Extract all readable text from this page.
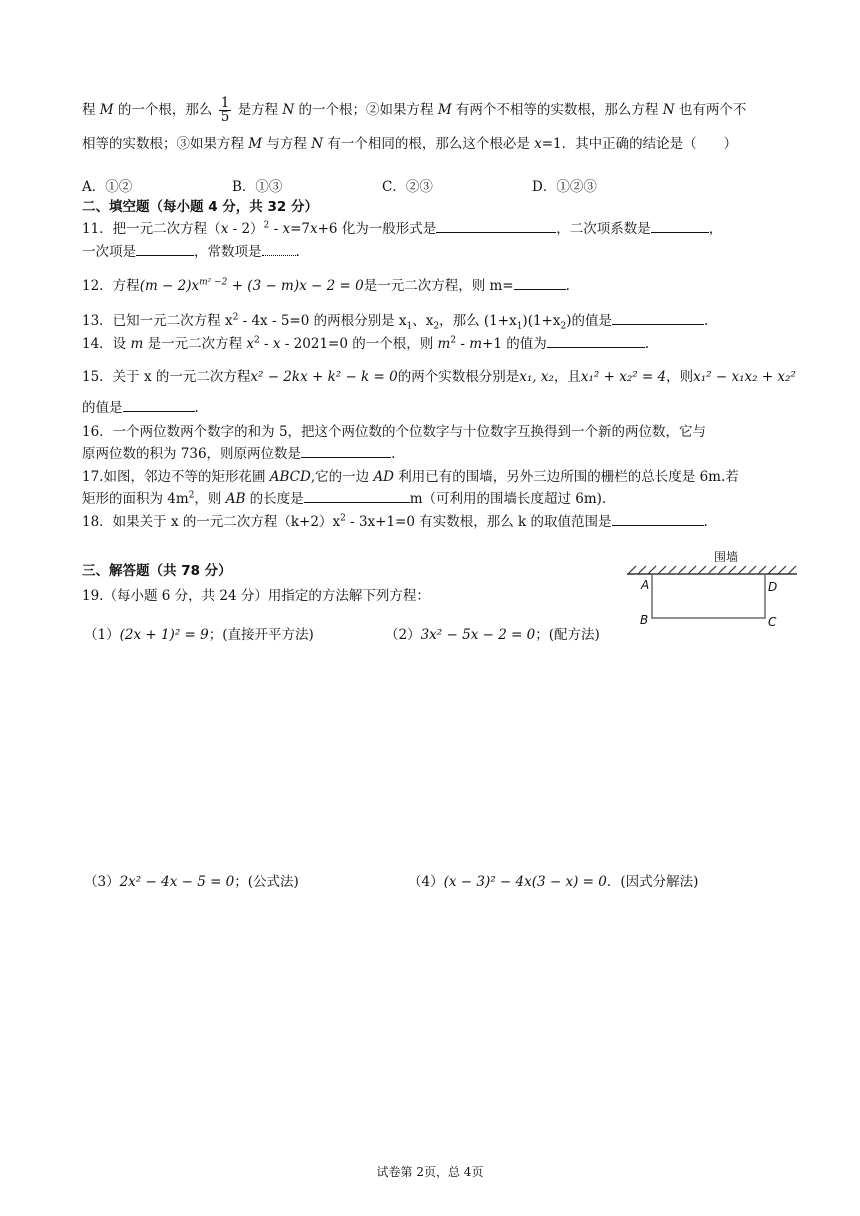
程 M 的一个根，那么 $\frac{1}{5}$ 是方程 N 的一个根；②如果方程 M 有两个不相等的实数根，那么方程 N 也有两个不
相等的实数根；③如果方程 M 与方程 N 有一个相同的根，那么这个根必是 x=1．其中正确的结论是（　　）
A．①②	B．①③	C．②③	D．①②③
二、填空题（每小题 4 分，共 32 分）
11．把一元二次方程（x - 2）$^2$ - x=7x+6 化为一般形式是	，二次项系数是	，
一次项是	，常数项是	.
12．方程$(m - 2)x^{m^2 -2} + (3 - m)x - 2 = 0$是一元二次方程，则 m=	.
13．已知一元二次方程 $x^2 - 4x - 5=0$ 的两根分别是 $x_1$、$x_2$，那么 $(1+x_1)(1+x_2)$的值是	.
14．设 m 是一元二次方程 $x^2 - x - 2021=0$ 的一个根，则 $m^2 - m+1$ 的值为	.
15．关于 x 的一元二次方程x² − 2kx + k² − k = 0的两个实数根分别是x₁, x₂，且x₁² + x₂² = 4，则x₁² − x₁x₂ + x₂²
的值是	.
16．一个两位数两个数字的和为 5，把这个两位数的个位数字与十位数字互换得到一个新的两位数，它与
原两位数的积为 736，则原两位数是	.
17.如图，邻边不等的矩形花圃 ABCD,它的一边 AD 利用已有的围墙，另外三边所围的栅栏的总长度是 6m.若
矩形的面积为 $4m^2$，则 AB 的长度是	m（可利用的围墙长度超过 6m).
18．如果关于 x 的一元二次方程$(k+2)x^2 - 3x+1=0$ 有实数根，那么 k 的取值范围是	.
三、解答题（共 78 分）
围墙
A
B	C
D
19.（每小题 6 分，共 24 分）用指定的方法解下列方程：
（1）(2x + 1)² = 9；(直接开平方法)	（2）3x² − 5x − 2 = 0；(配方法)
（3）2x² − 4x − 5 = 0；(公式法)	（4）(x − 3)² − 4x(3 − x) = 0．(因式分解法)
试卷第 2页，总 4页
